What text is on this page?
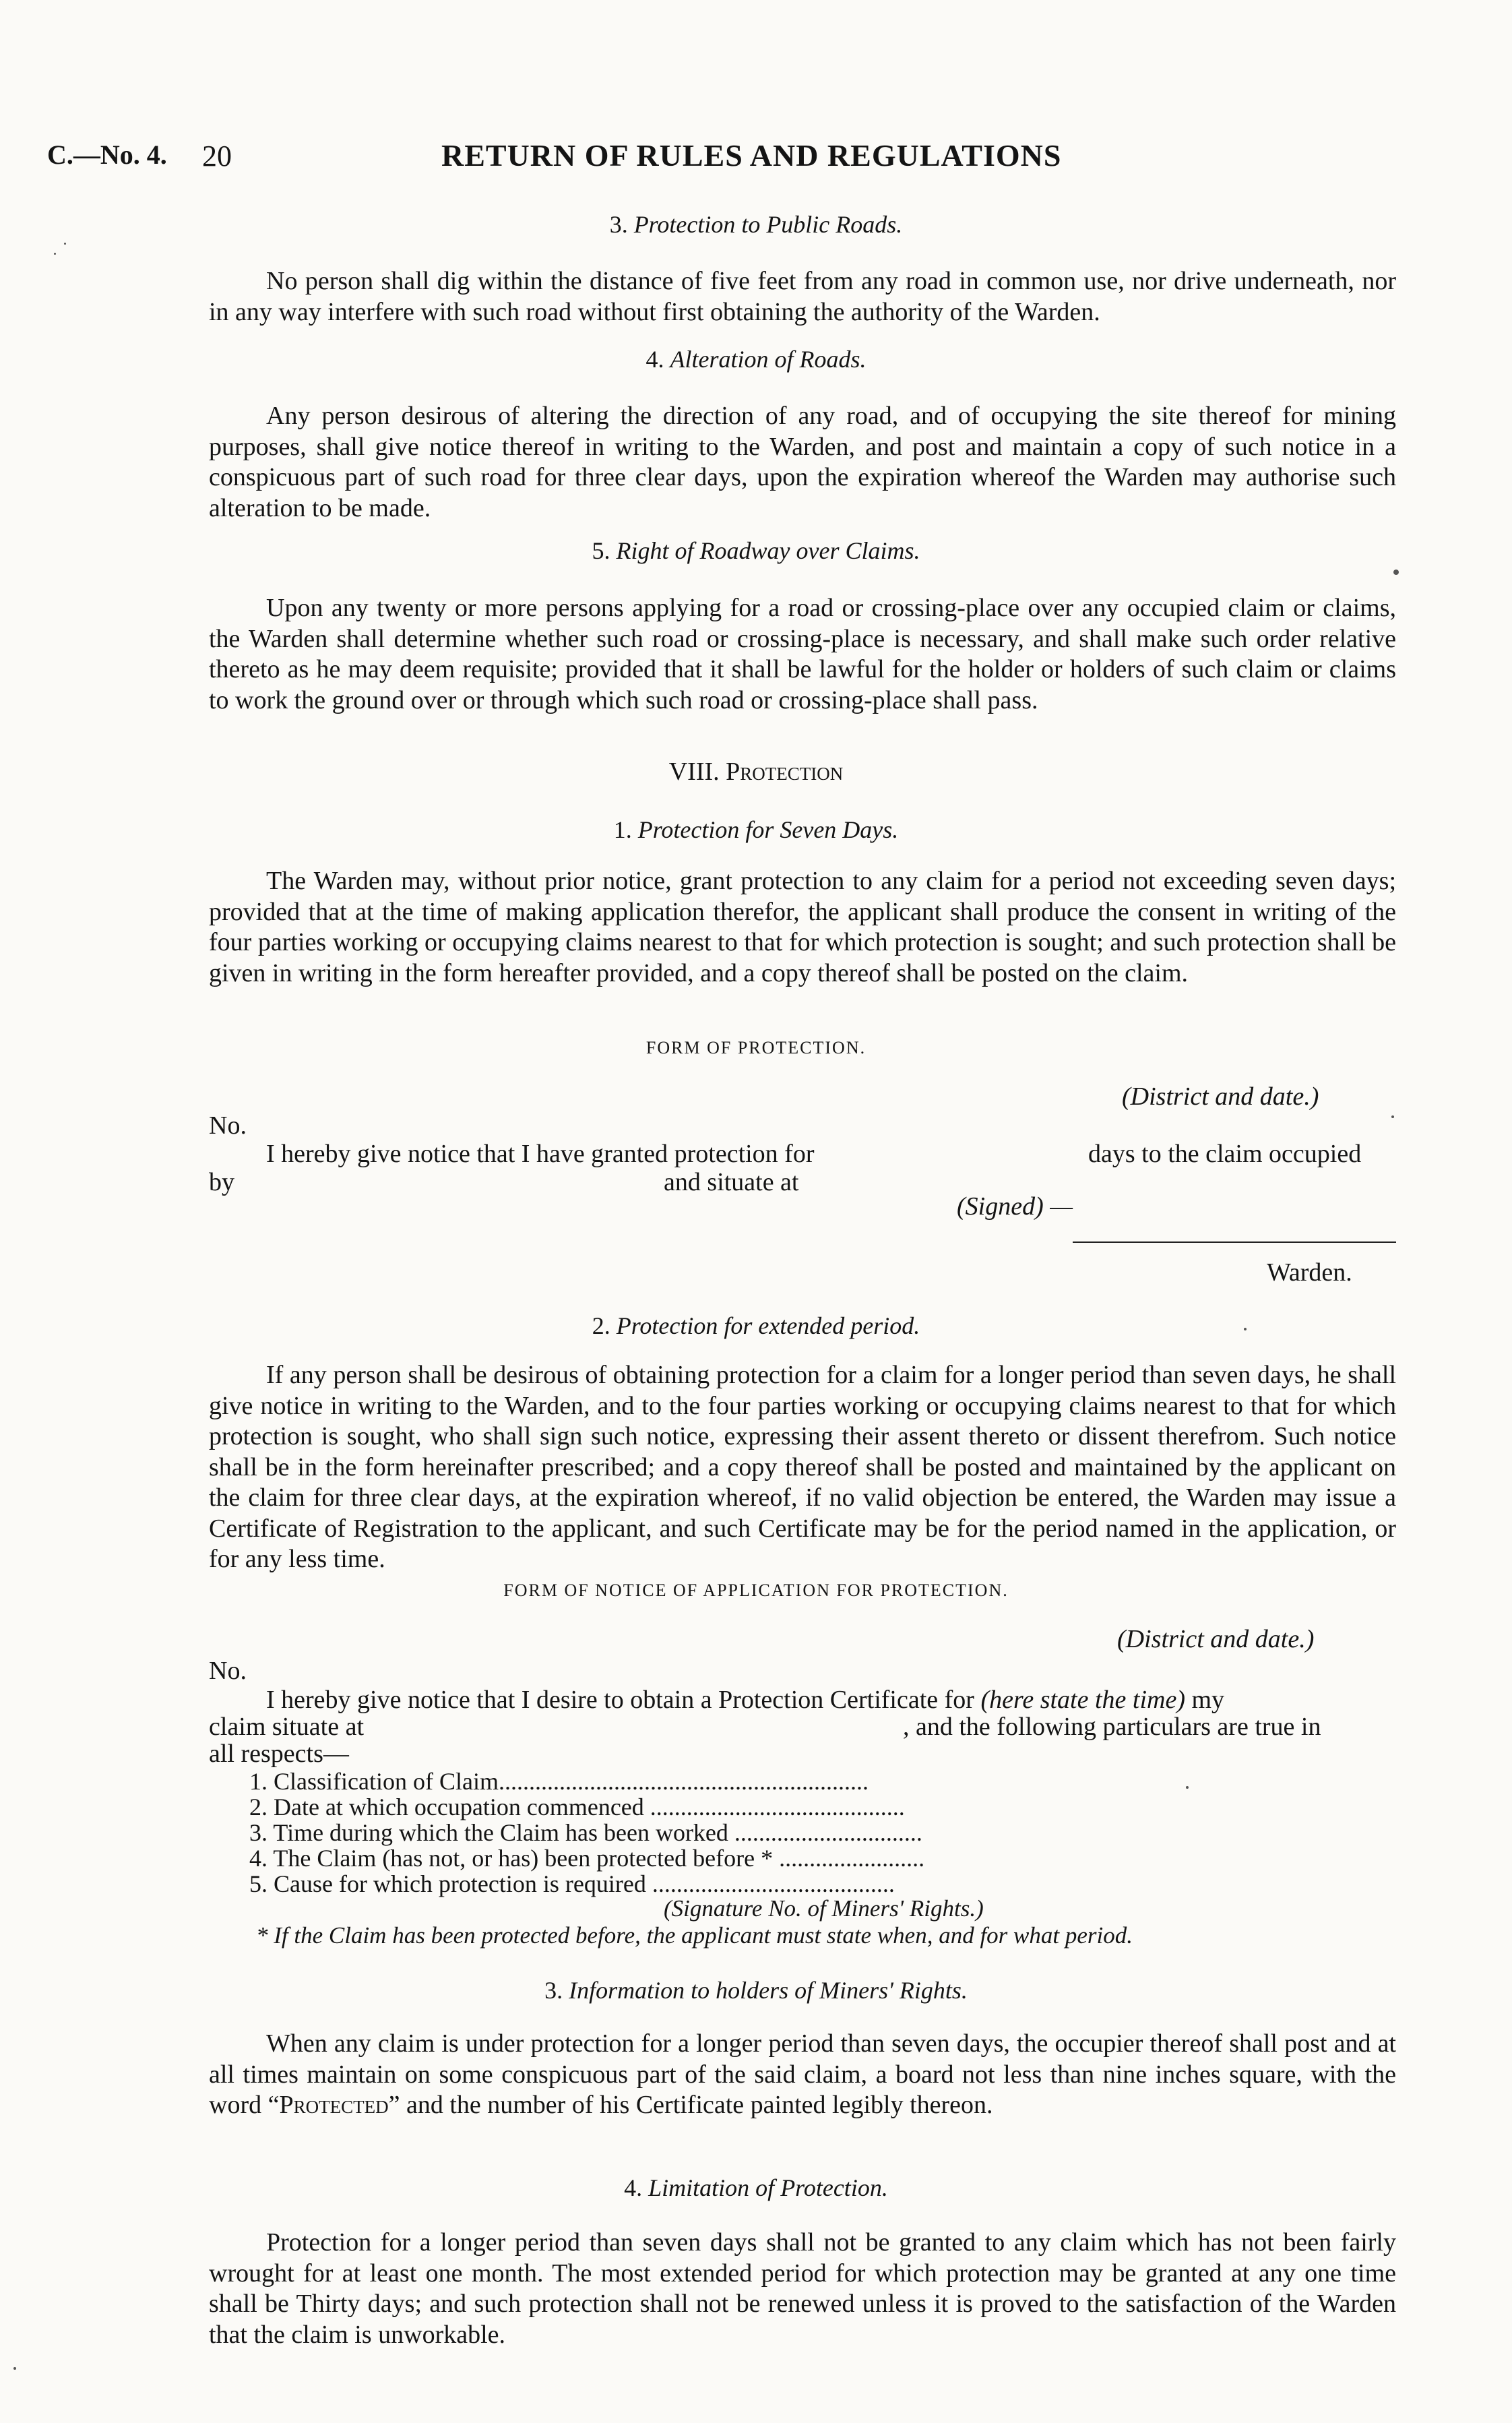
C.—No. 4. 20	RETURN OF RULES AND REGULATIONS
3. Protection to Public Roads.
No person shall dig within the distance of five feet from any road in common use, nor drive underneath, nor in any way interfere with such road without first obtaining the authority of the Warden.
4. Alteration of Roads.
Any person desirous of altering the direction of any road, and of occupying the site thereof for mining purposes, shall give notice thereof in writing to the Warden, and post and maintain a copy of such notice in a conspicuous part of such road for three clear days, upon the expiration whereof the Warden may authorise such alteration to be made.
5. Right of Roadway over Claims.
Upon any twenty or more persons applying for a road or crossing-place over any occupied claim or claims, the Warden shall determine whether such road or crossing-place is necessary, and shall make such order relative thereto as he may deem requisite; provided that it shall be lawful for the holder or holders of such claim or claims to work the ground over or through which such road or crossing-place shall pass.
VIII. Protection
1. Protection for Seven Days.
The Warden may, without prior notice, grant protection to any claim for a period not exceeding seven days; provided that at the time of making application therefor, the applicant shall produce the consent in writing of the four parties working or occupying claims nearest to that for which protection is sought; and such protection shall be given in writing in the form hereafter provided, and a copy thereof shall be posted on the claim.
FORM OF PROTECTION.
(District and date.)
No.
I hereby give notice that I have granted protection for	days to the claim occupied
by	and situate at
(Signed) —
Warden.
2. Protection for extended period.
If any person shall be desirous of obtaining protection for a claim for a longer period than seven days, he shall give notice in writing to the Warden, and to the four parties working or occupying claims nearest to that for which protection is sought, who shall sign such notice, expressing their assent thereto or dissent therefrom. Such notice shall be in the form hereinafter prescribed; and a copy thereof shall be posted and maintained by the applicant on the claim for three clear days, at the expiration whereof, if no valid objection be entered, the Warden may issue a Certificate of Registration to the applicant, and such Certificate may be for the period named in the application, or for any less time.
FORM OF NOTICE OF APPLICATION FOR PROTECTION.
(District and date.)
No.
I hereby give notice that I desire to obtain a Protection Certificate for (here state the time) my
claim situate at	, and the following particulars are true in
all respects—
1. Classification of Claim.............................................................
2. Date at which occupation commenced ..........................................
3. Time during which the Claim has been worked ...............................
4. The Claim (has not, or has) been protected before * ........................
5. Cause for which protection is required ........................................
(Signature No. of Miners' Rights.)
* If the Claim has been protected before, the applicant must state when, and for what period.
3. Information to holders of Miners' Rights.
When any claim is under protection for a longer period than seven days, the occupier thereof shall post and at all times maintain on some conspicuous part of the said claim, a board not less than nine inches square, with the word “Protected” and the number of his Certificate painted legibly thereon.
4. Limitation of Protection.
Protection for a longer period than seven days shall not be granted to any claim which has not been fairly wrought for at least one month. The most extended period for which protection may be granted at any one time shall be Thirty days; and such protection shall not be renewed unless it is proved to the satisfaction of the Warden that the claim is unworkable.
